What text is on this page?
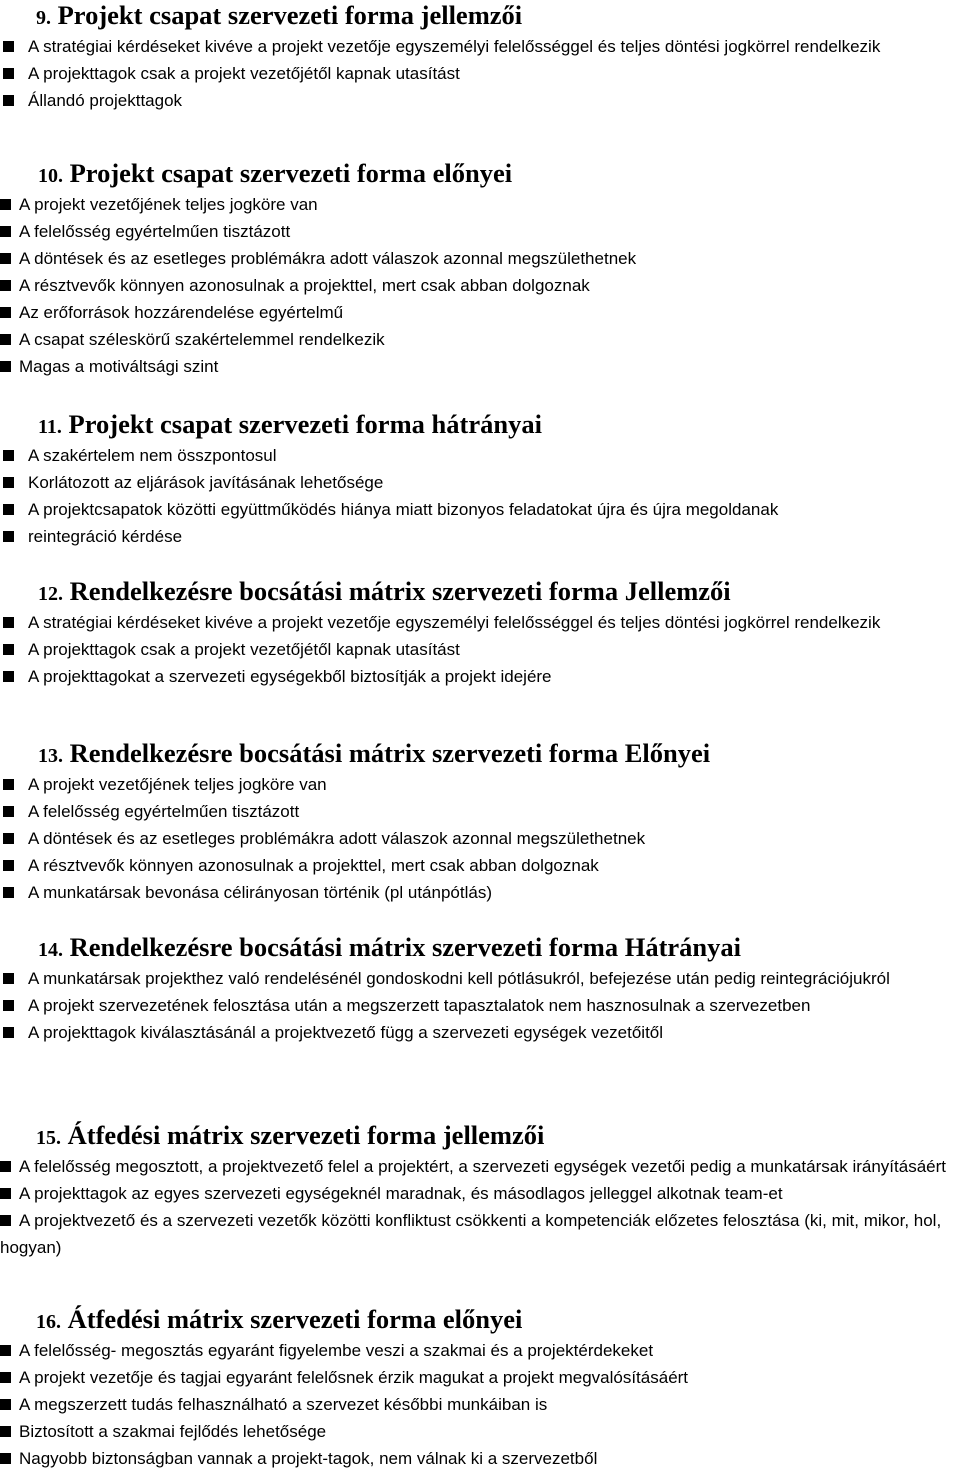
9. Projekt csapat szervezeti forma jellemzői
A stratégiai kérdéseket kivéve a projekt vezetője egyszemélyi felelősséggel és teljes döntési jogkörrel rendelkezik
A projekttagok csak a projekt vezetőjétől kapnak utasítást
Állandó projekttagok
10. Projekt csapat szervezeti forma előnyei
A projekt vezetőjének teljes jogköre van
A felelősség egyértelműen tisztázott
A döntések és az esetleges problémákra adott válaszok azonnal megszülethetnek
A résztvevők könnyen azonosulnak a projekttel, mert csak abban dolgoznak
Az erőforrások hozzárendelése egyértelmű
A csapat széleskörű szakértelemmel rendelkezik
Magas a motiváltsági szint
11. Projekt csapat szervezeti forma hátrányai
A szakértelem nem összpontosul
Korlátozott az eljárások javításának lehetősége
A projektcsapatok közötti együttműködés hiánya miatt bizonyos feladatokat újra és újra megoldanak
reintegráció kérdése
12. Rendelkezésre bocsátási mátrix szervezeti forma Jellemzői
A stratégiai kérdéseket kivéve a projekt vezetője egyszemélyi felelősséggel és teljes döntési jogkörrel rendelkezik
A projekttagok csak a projekt vezetőjétől kapnak utasítást
A projekttagokat a szervezeti egységekből biztosítják a projekt idejére
13. Rendelkezésre bocsátási mátrix szervezeti forma Előnyei
A projekt vezetőjének teljes jogköre van
A felelősség egyértelműen tisztázott
A döntések és az esetleges problémákra adott válaszok azonnal megszülethetnek
A résztvevők könnyen azonosulnak a projekttel, mert csak abban dolgoznak
A munkatársak bevonása célirányosan történik (pl utánpótlás)
14. Rendelkezésre bocsátási mátrix szervezeti forma Hátrányai
A munkatársak projekthez való rendelésénél gondoskodni kell pótlásukról, befejezése után pedig reintegrációjukról
A projekt szervezetének felosztása után a megszerzett tapasztalatok nem hasznosulnak a szervezetben
A projekttagok kiválasztásánál a projektvezető függ a szervezeti egységek vezetőitől
15. Átfedési mátrix szervezeti forma jellemzői
A felelősség megosztott, a projektvezető felel a projektért, a szervezeti egységek vezetői pedig a munkatársak irányításáért
A projekttagok az egyes szervezeti egységeknél maradnak, és másodlagos jelleggel alkotnak team-et
A projektvezető és a szervezeti vezetők közötti konfliktust csökkenti a kompetenciák előzetes felosztása (ki, mit, mikor, hol, hogyan)
16. Átfedési mátrix szervezeti forma előnyei
A felelősség- megosztás egyaránt figyelembe veszi a szakmai és a projektérdekeket
A projekt vezetője és tagjai egyaránt felelősnek érzik magukat a projekt megvalósításáért
A megszerzett tudás felhasználható a szervezet későbbi munkáiban is
Biztosított a szakmai fejlődés lehetősége
Nagyobb biztonságban vannak a projekt-tagok, nem válnak ki a szervezetből
